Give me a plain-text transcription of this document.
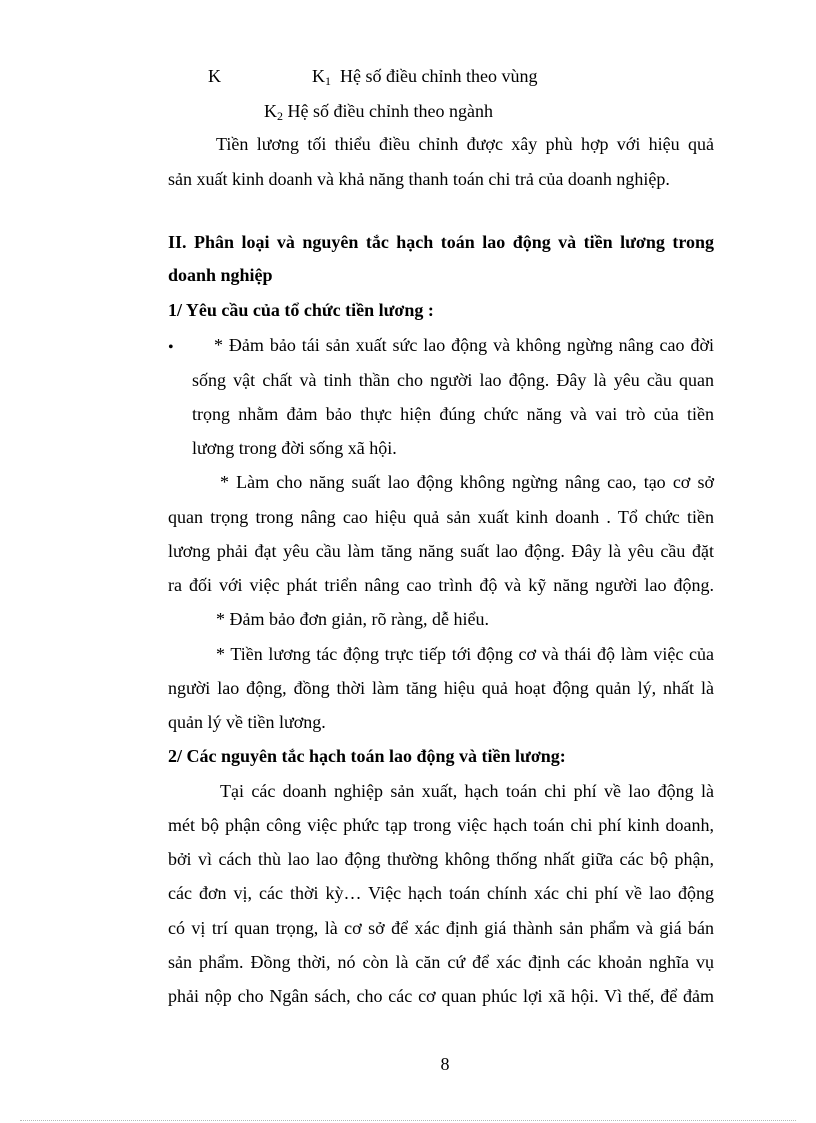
K	$K_1$ Hệ số điều chỉnh theo vùng
$K_2$ Hệ số điều chỉnh theo ngành
Tiền lương tối thiểu điều chỉnh được xây phù hợp với hiệu quả
sản xuất kinh doanh và khả năng thanh toán chi trả của doanh nghiệp.
II. Phân loại và nguyên tắc hạch toán lao động và tiền lương trong
doanh nghiệp
1/ Yêu cầu của tổ chức tiền lương :
• * Đảm bảo tái sản xuất sức lao động và không ngừng nâng cao đời
sống vật chất và tinh thần cho người lao động. Đây là yêu cầu quan
trọng nhằm đảm bảo thực hiện đúng chức năng và vai trò của tiền
lương trong đời sống xã hội.
* Làm cho năng suất lao động không ngừng nâng cao, tạo cơ sở
quan trọng trong nâng cao hiệu quả sản xuất kinh doanh . Tổ chức tiền
lương phải đạt yêu cầu làm tăng năng suất lao động. Đây là yêu cầu đặt
ra đối với việc phát triển nâng cao trình độ và kỹ năng người lao động.
* Đảm bảo đơn giản, rõ ràng, dễ hiểu.
* Tiền lương tác động trực tiếp tới động cơ và thái độ làm việc của
người lao động, đồng thời làm tăng hiệu quả hoạt động quản lý, nhất là
quản lý về tiền lương.
2/ Các nguyên tắc hạch toán lao động và tiền lương:
Tại các doanh nghiệp sản xuất, hạch toán chi phí về lao động là
mét bộ phận công việc phức tạp trong việc hạch toán chi phí kinh doanh,
bởi vì cách thù lao lao động thường không thống nhất giữa các bộ phận,
các đơn vị, các thời kỳ… Việc hạch toán chính xác chi phí về lao động
có vị trí quan trọng, là cơ sở để xác định giá thành sản phẩm và giá bán
sản phẩm. Đồng thời, nó còn là căn cứ để xác định các khoản nghĩa vụ
phải nộp cho Ngân sách, cho các cơ quan phúc lợi xã hội. Vì thế, để đảm
8
